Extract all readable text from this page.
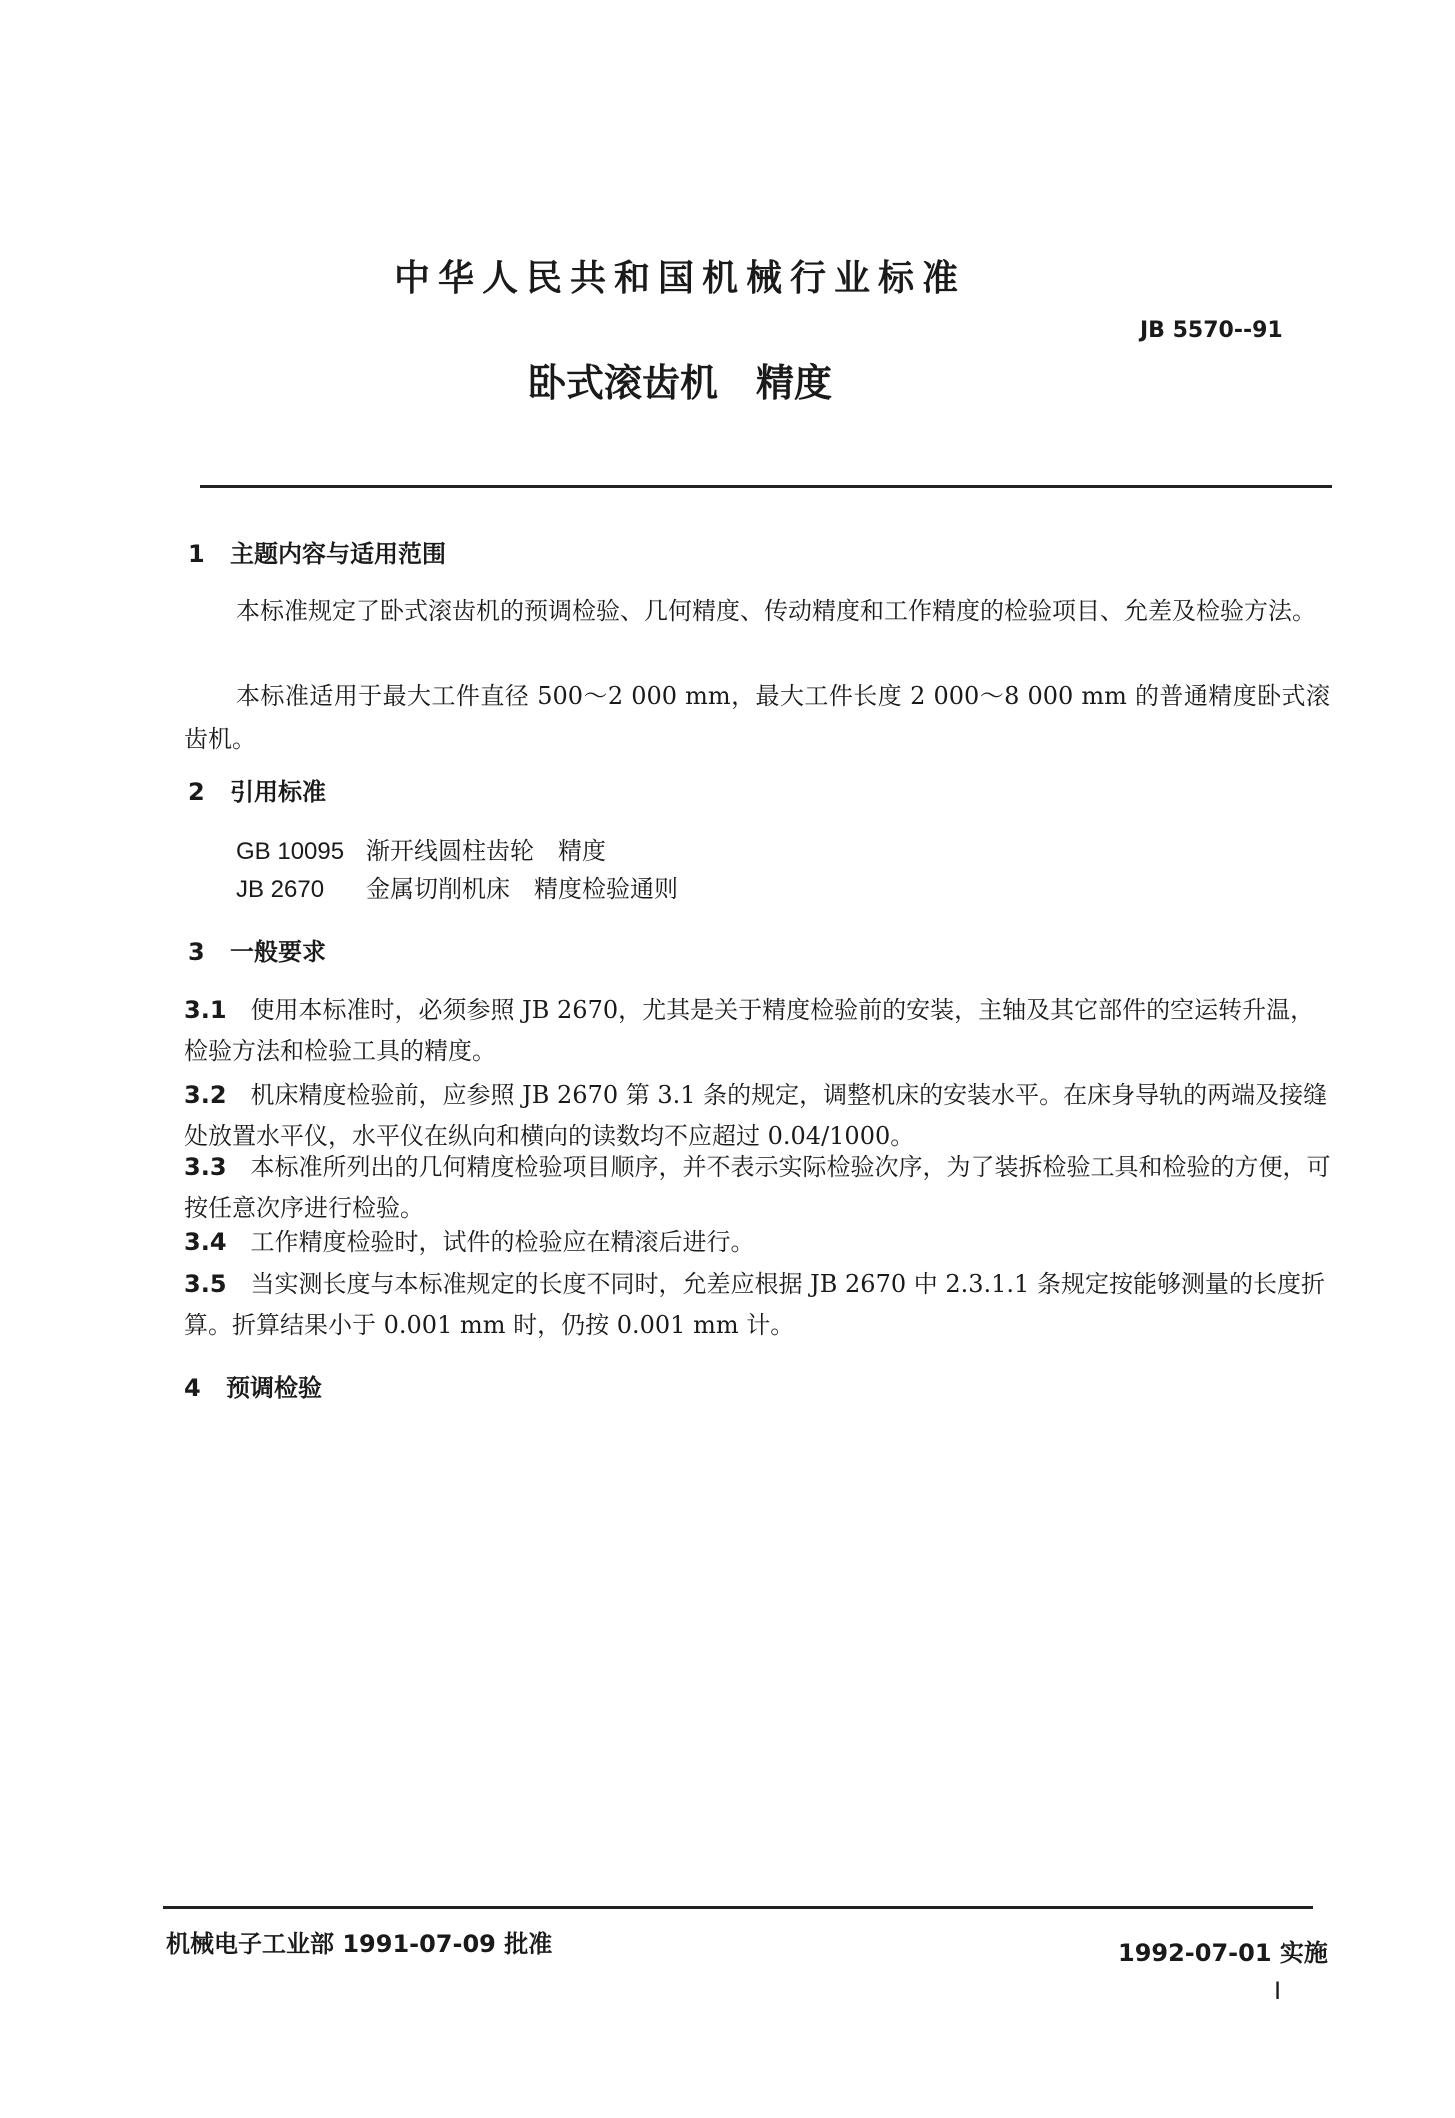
中华人民共和国机械行业标准
JB 5570--91
卧式滚齿机　精度
1 主题内容与适用范围
本标准规定了卧式滚齿机的预调检验、几何精度、传动精度和工作精度的检验项目、允差及检验方法。
本标准适用于最大工件直径 500～2 000 mm，最大工件长度 2 000～8 000 mm 的普通精度卧式滚齿机。
2 引用标准
GB 10095 渐开线圆柱齿轮　精度
JB 2670 金属切削机床　精度检验通则
3 一般要求
3.1 使用本标准时，必须参照 JB 2670，尤其是关于精度检验前的安装，主轴及其它部件的空运转升温，检验方法和检验工具的精度。
3.2 机床精度检验前，应参照 JB 2670 第 3.1 条的规定，调整机床的安装水平。在床身导轨的两端及接缝处放置水平仪，水平仪在纵向和横向的读数均不应超过 0.04/1000。
3.3 本标准所列出的几何精度检验项目顺序，并不表示实际检验次序，为了装拆检验工具和检验的方便，可按任意次序进行检验。
3.4 工作精度检验时，试件的检验应在精滚后进行。
3.5 当实测长度与本标准规定的长度不同时，允差应根据 JB 2670 中 2.3.1.1 条规定按能够测量的长度折算。折算结果小于 0.001 mm 时，仍按 0.001 mm 计。
4 预调检验
机械电子工业部 1991-07-09 批准	1992-07-01 实施
I
